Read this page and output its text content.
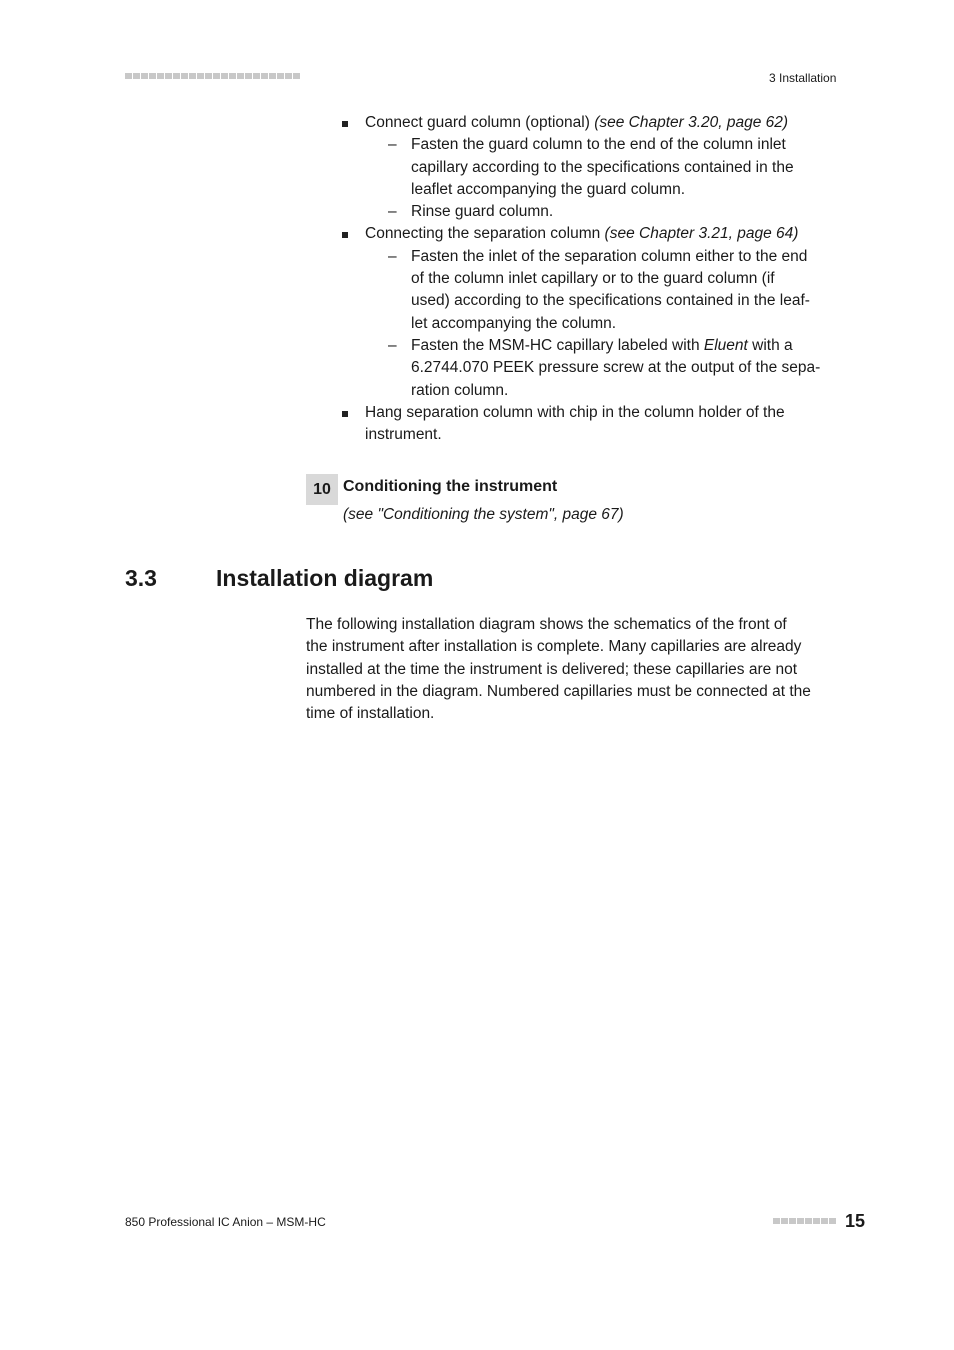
3 Installation
Connect guard column (optional) (see Chapter 3.20, page 62)
– Fasten the guard column to the end of the column inlet
capillary according to the specifications contained in the
leaflet accompanying the guard column.
– Rinse guard column.
Connecting the separation column (see Chapter 3.21, page 64)
– Fasten the inlet of the separation column either to the end
of the column inlet capillary or to the guard column (if
used) according to the specifications contained in the leaf-
let accompanying the column.
– Fasten the MSM-HC capillary labeled with Eluent with a
6.2744.070 PEEK pressure screw at the output of the sepa-
ration column.
Hang separation column with chip in the column holder of the
instrument.
10 Conditioning the instrument
(see "Conditioning the system", page 67)
3.3	Installation diagram
The following installation diagram shows the schematics of the front of
the instrument after installation is complete. Many capillaries are already
installed at the time the instrument is delivered; these capillaries are not
numbered in the diagram. Numbered capillaries must be connected at the
time of installation.
850 Professional IC Anion – MSM-HC	15
